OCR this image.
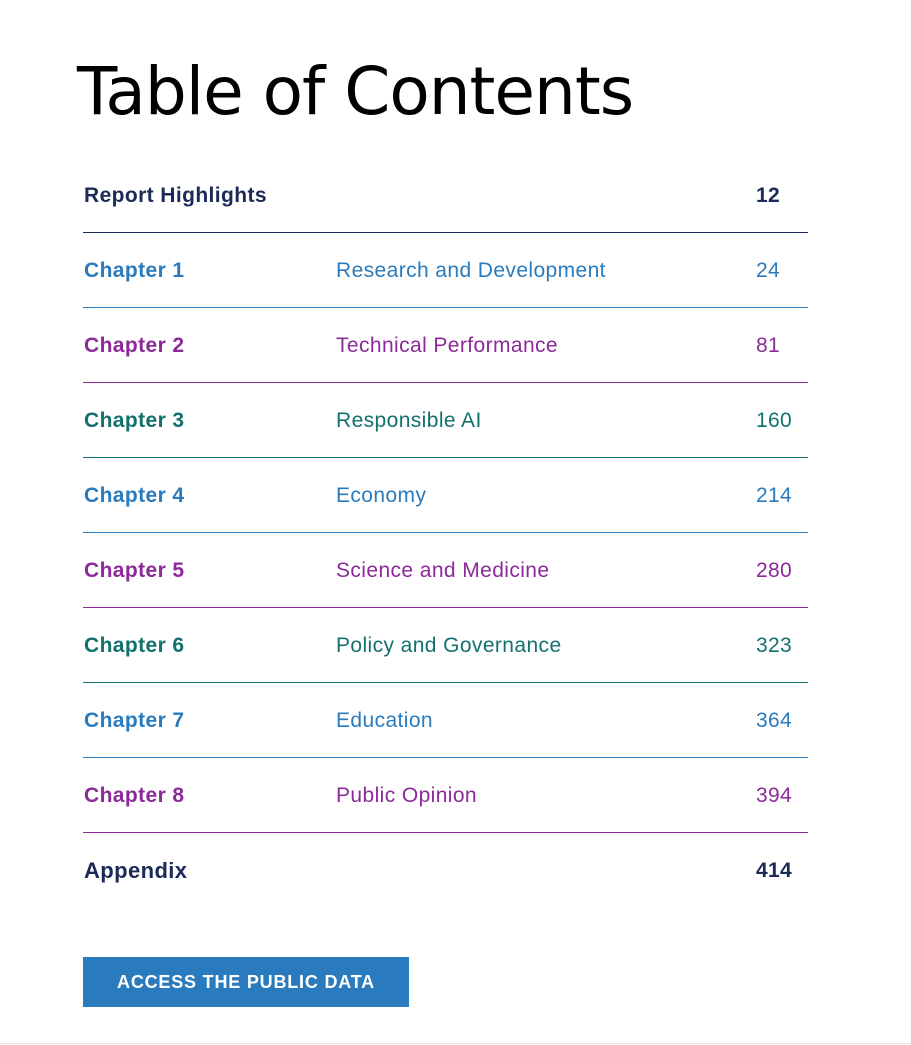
Table of Contents
Report Highlights	12
Chapter 1	Research and Development	24
Chapter 2	Technical Performance	81
Chapter 3	Responsible AI	160
Chapter 4	Economy	214
Chapter 5	Science and Medicine	280
Chapter 6	Policy and Governance	323
Chapter 7	Education	364
Chapter 8	Public Opinion	394
Appendix	414
ACCESS THE PUBLIC DATA
